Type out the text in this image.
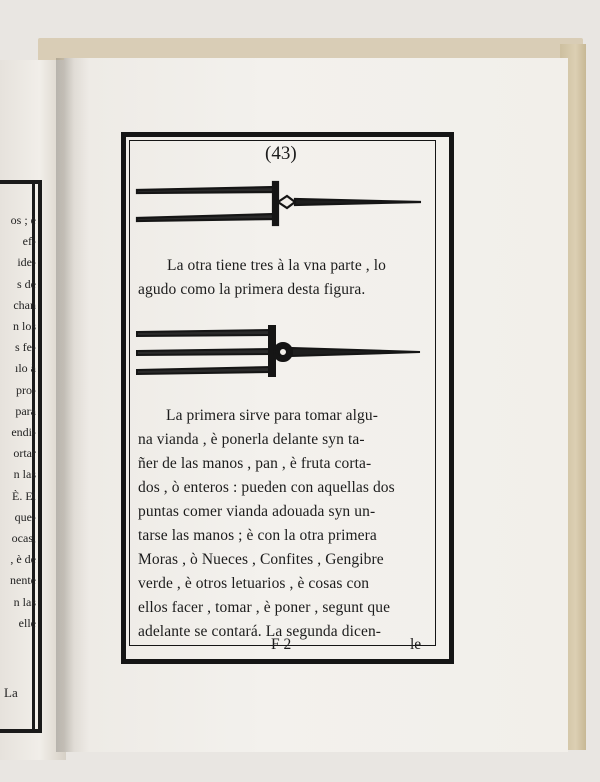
os ; è
ef-
ide-
s de
chan
n los
s fe-
ılo à
pro-
para
endi-
ortar
n las
È. El
que-
ocas,
, è de
nente
n las
elle
La
(43)
La otra tiene tres à la vna parte , lo
agudo como la primera desta figura.
La primera sirve para tomar algu-
na vianda , è ponerla delante syn ta-
ñer de las manos , pan , è fruta corta-
dos , ò enteros : pueden con aquellas dos
puntas comer vianda adouada syn un-
tarse las manos ; è con la otra primera
Moras , ò Nueces , Confites , Gengibre
verde , è otros letuarios , è cosas con
ellos facer , tomar , è poner , segunt que
adelante se contará. La segunda dicen-
F 2	le
